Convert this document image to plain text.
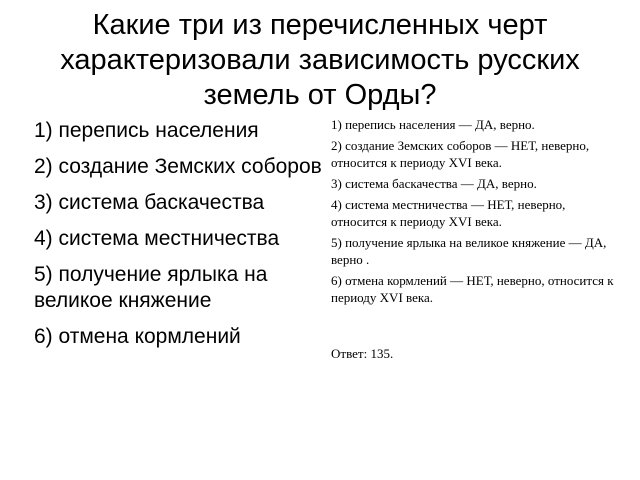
Какие три из перечисленных черт характеризовали зависимость русских земель от Орды?
1) перепись населения
2) создание Земских соборов
3) система баскачества
4) система местничества
5) получение ярлыка на великое княжение
6) отмена кормлений
1) перепись населения — ДА, верно.
2) создание Земских соборов — НЕТ, неверно, относится к периоду XVI века.
3) система баскачества — ДА, верно.
4) система местничества — НЕТ, неверно, относится к периоду XVI века.
5) получение ярлыка на великое княжение — ДА, верно .
6) отмена кормлений — НЕТ, неверно, относится к периоду XVI века.

Ответ: 135.
